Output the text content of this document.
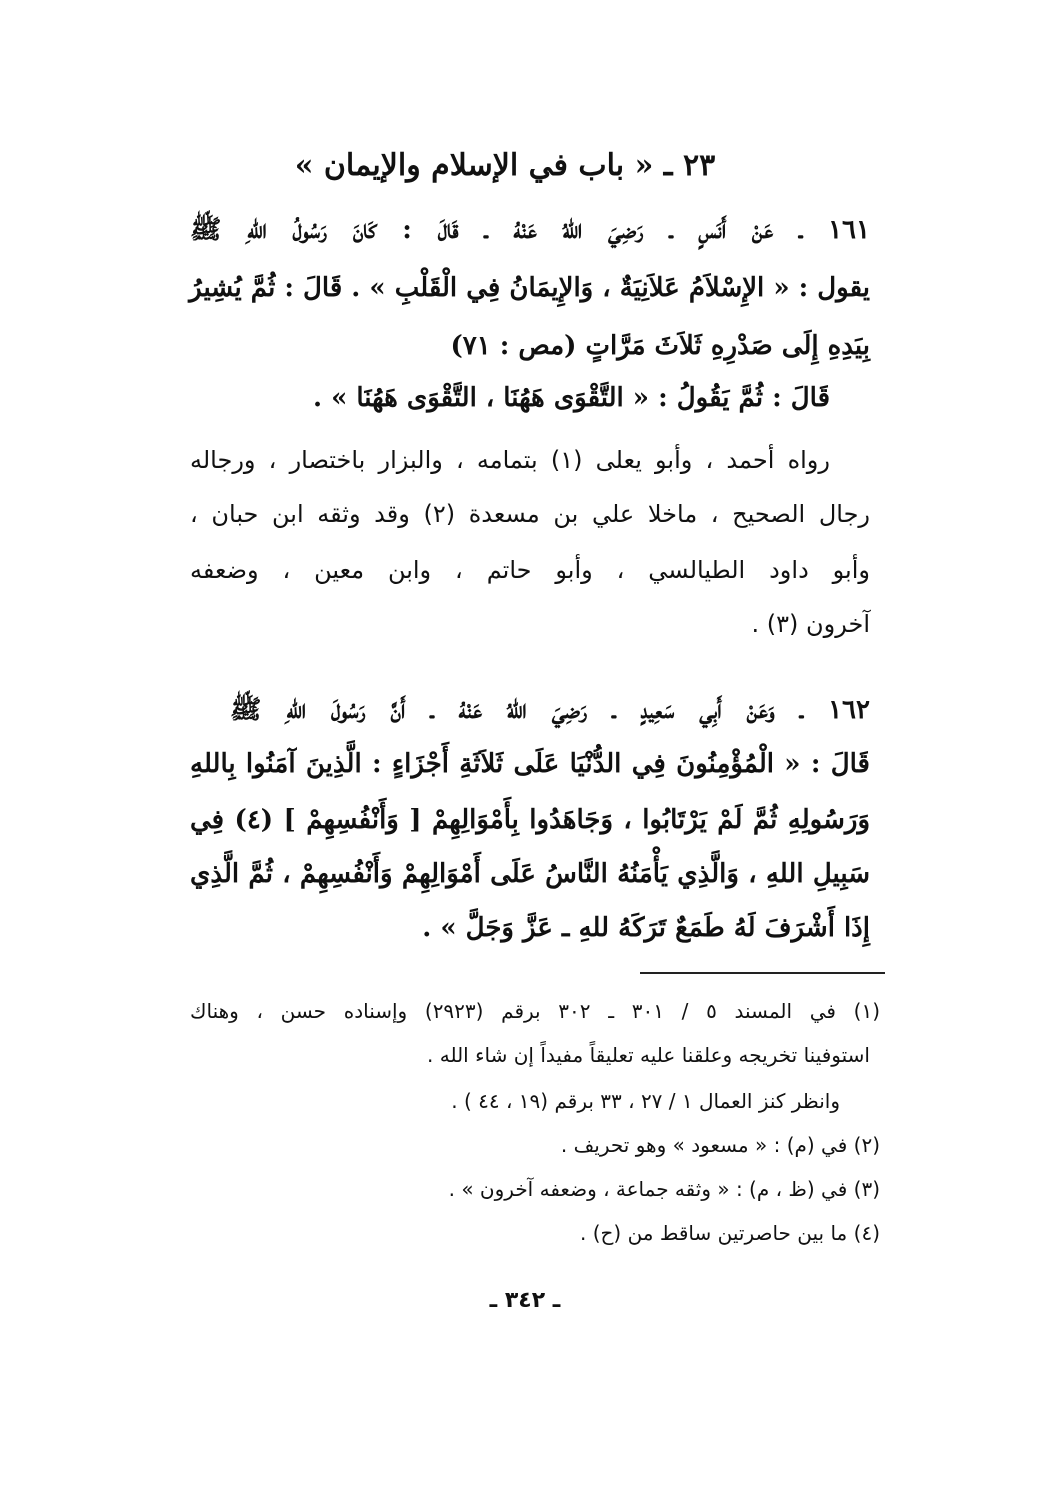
٢٣ ـ « باب في الإسلام والإيمان »
١٦١ ـ عَنْ أَنَسٍ ـ رَضِيَ اللهُ عَنْهُ ـ قَالَ : كَانَ رَسُولُ اللهِ ﷺ
يقول : « الإِسْلاَمُ عَلاَنِيَةٌ ، وَالإِيمَانُ فِي الْقَلْبِ » . قَالَ : ثُمَّ يُشِيرُ
بِيَدِهِ إِلَى صَدْرِهِ ثَلاَثَ مَرَّاتٍ (مص : ٧١)
قَالَ : ثُمَّ يَقُولُ : « التَّقْوَى هَهُنَا ، التَّقْوَى هَهُنَا » .
رواه أحمد ، وأبو يعلى (١) بتمامه ، والبزار باختصار ، ورجاله
رجال الصحيح ، ماخلا علي بن مسعدة (٢) وقد وثقه ابن حبان ،
وأبو داود الطيالسي ، وأبو حاتم ، وابن معين ، وضعفه
آخرون (٣) .
١٦٢ ـ وَعَنْ أَبِي سَعِيدٍ ـ رَضِيَ اللهُ عَنْهُ ـ أَنَّ رَسُولَ اللهِ ﷺ
قَالَ : « الْمُؤْمِنُونَ فِي الدُّنْيَا عَلَى ثَلاَثَةِ أَجْزَاءٍ : الَّذِينَ آمَنُوا بِاللهِ
وَرَسُولِهِ ثُمَّ لَمْ يَرْتَابُوا ، وَجَاهَدُوا بِأَمْوَالِهِمْ [ وَأَنْفُسِهِمْ ] (٤) فِي
سَبِيلِ اللهِ ، وَالَّذِي يَأْمَنُهُ النَّاسُ عَلَى أَمْوَالِهِمْ وَأَنْفُسِهِمْ ، ثُمَّ الَّذِي
إِذَا أَشْرَفَ لَهُ طَمَعٌ تَرَكَهُ للهِ ـ عَزَّ وَجَلَّ » .
(١) في المسند ٥ / ٣٠١ ـ ٣٠٢ برقم (٢٩٢٣) وإسناده حسن ، وهناك
استوفينا تخريجه وعلقنا عليه تعليقاً مفيداً إن شاء الله .
وانظر كنز العمال ١ / ٢٧ ، ٣٣ برقم (١٩ ، ٤٤ ) .
(٢) في (م) : « مسعود » وهو تحريف .
(٣) في (ظ ، م) : « وثقه جماعة ، وضعفه آخرون » .
(٤) ما بين حاصرتين ساقط من (ح) .
ـ ٣٤٢ ـ
